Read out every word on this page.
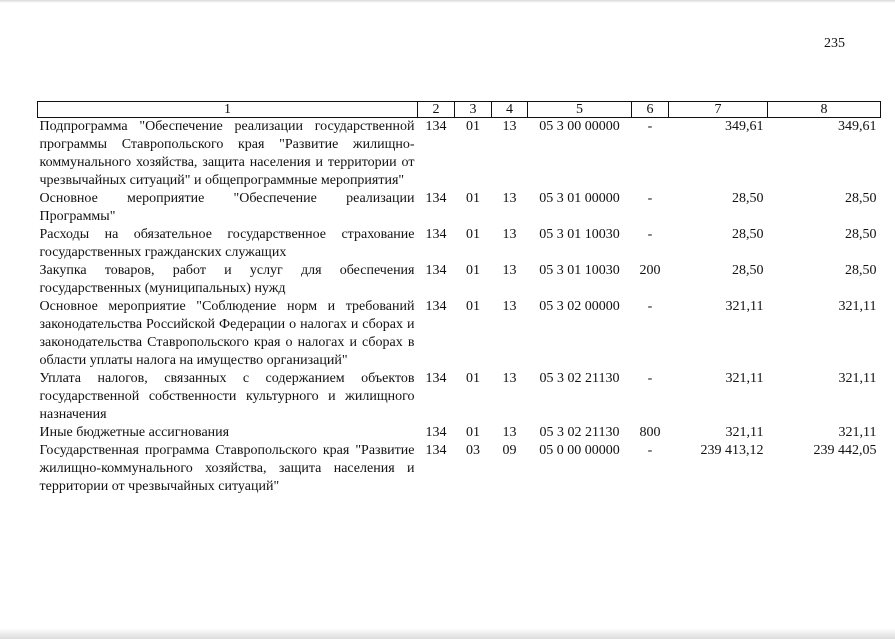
235
1	2	3	4	5	6	7	8
Подпрограмма "Обеспечение реализации государственной программы Ставропольского края "Развитие жилищно-коммунального хозяйства, защита населения и территории от чрезвычайных ситуаций" и общепрограммные мероприятия"	134	01	13	05 3 00 00000	-	349,61	349,61
Основное мероприятие "Обеспечение реализации Программы"	134	01	13	05 3 01 00000	-	28,50	28,50
Расходы на обязательное государственное страхование государственных гражданских служащих	134	01	13	05 3 01 10030	-	28,50	28,50
Закупка товаров, работ и услуг для обеспечения государственных (муниципальных) нужд	134	01	13	05 3 01 10030	200	28,50	28,50
Основное мероприятие "Соблюдение норм и требований законодательства Российской Федерации о налогах и сборах и законодательства Ставропольского края о налогах и сборах в области уплаты налога на имущество организаций"	134	01	13	05 3 02 00000	-	321,11	321,11
Уплата налогов, связанных с содержанием объектов государственной собственности культурного и жилищного назначения	134	01	13	05 3 02 21130	-	321,11	321,11
Иные бюджетные ассигнования	134	01	13	05 3 02 21130	800	321,11	321,11
Государственная программа Ставропольского края "Развитие жилищно-коммунального хозяйства, защита населения и территории от чрезвычайных ситуаций"	134	03	09	05 0 00 00000	-	239 413,12	239 442,05
